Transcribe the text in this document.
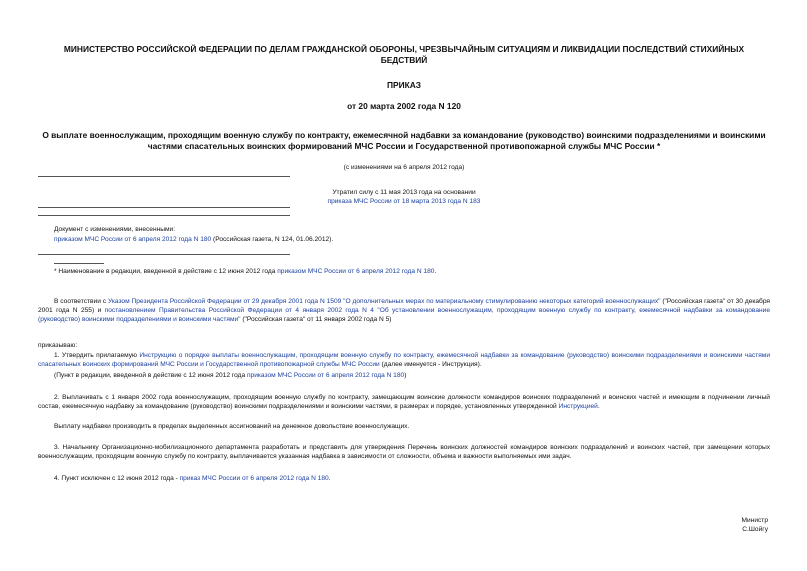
МИНИСТЕРСТВО РОССИЙСКОЙ ФЕДЕРАЦИИ ПО ДЕЛАМ ГРАЖДАНСКОЙ ОБОРОНЫ, ЧРЕЗВЫЧАЙНЫМ СИТУАЦИЯМ И ЛИКВИДАЦИИ ПОСЛЕДСТВИЙ СТИХИЙНЫХ БЕДСТВИЙ
ПРИКАЗ
от 20 марта 2002 года N 120
О выплате военнослужащим, проходящим военную службу по контракту, ежемесячной надбавки за командование (руководство) воинскими подразделениями и воинскими частями спасательных воинских формирований МЧС России и Государственной противопожарной службы МЧС России *
(с изменениями на 6 апреля 2012 года)
Утратил силу с 11 мая 2013 года на основании
приказа МЧС России от 18 марта 2013 года N 183
Документ с изменениями, внесенными:
приказом МЧС России от 6 апреля 2012 года N 180 (Российская газета, N 124, 01.06.2012).
* Наименование в редакции, введенной в действие с 12 июня 2012 года приказом МЧС России от 6 апреля 2012 года N 180.
В соответствии с Указом Президента Российской Федерации от 29 декабря 2001 года N 1509 "О дополнительных мерах по материальному стимулированию некоторых категорий военнослужащих" ("Российская газета" от 30 декабря 2001 года N 255) и постановлением Правительства Российской Федерации от 4 января 2002 года N 4 "Об установлении военнослужащим, проходящим военную службу по контракту, ежемесячной надбавки за командование (руководство) воинскими подразделениями и воинскими частями" ("Российская газета" от 11 января 2002 года N 5)
приказываю:
1. Утвердить прилагаемую Инструкцию о порядке выплаты военнослужащим, проходящим военную службу по контракту, ежемесячной надбавки за командование (руководство) воинскими подразделениями и воинскими частями спасательных воинских формирований МЧС России и Государственной противопожарной службы МЧС России (далее именуется - Инструкция).
(Пункт в редакции, введенной в действие с 12 июня 2012 года приказом МЧС России от 6 апреля 2012 года N 180)
2. Выплачивать с 1 января 2002 года военнослужащим, проходящим военную службу по контракту, замещающим воинские должности командиров воинских подразделений и воинских частей и имеющим в подчинении личный состав, ежемесячную надбавку за командование (руководство) воинскими подразделениями и воинскими частями, в размерах и порядке, установленных утвержденной Инструкцией.
Выплату надбавки производить в пределах выделенных ассигнований на денежное довольствие военнослужащих.
3. Начальнику Организационно-мобилизационного департамента разработать и представить для утверждения Перечень воинских должностей командиров воинских подразделений и воинских частей, при замещении которых военнослужащим, проходящим военную службу по контракту, выплачивается указанная надбавка в зависимости от сложности, объема и важности выполняемых ими задач.
4. Пункт исключен с 12 июня 2012 года - приказ МЧС России от 6 апреля 2012 года N 180.
Министр
С.Шойгу
